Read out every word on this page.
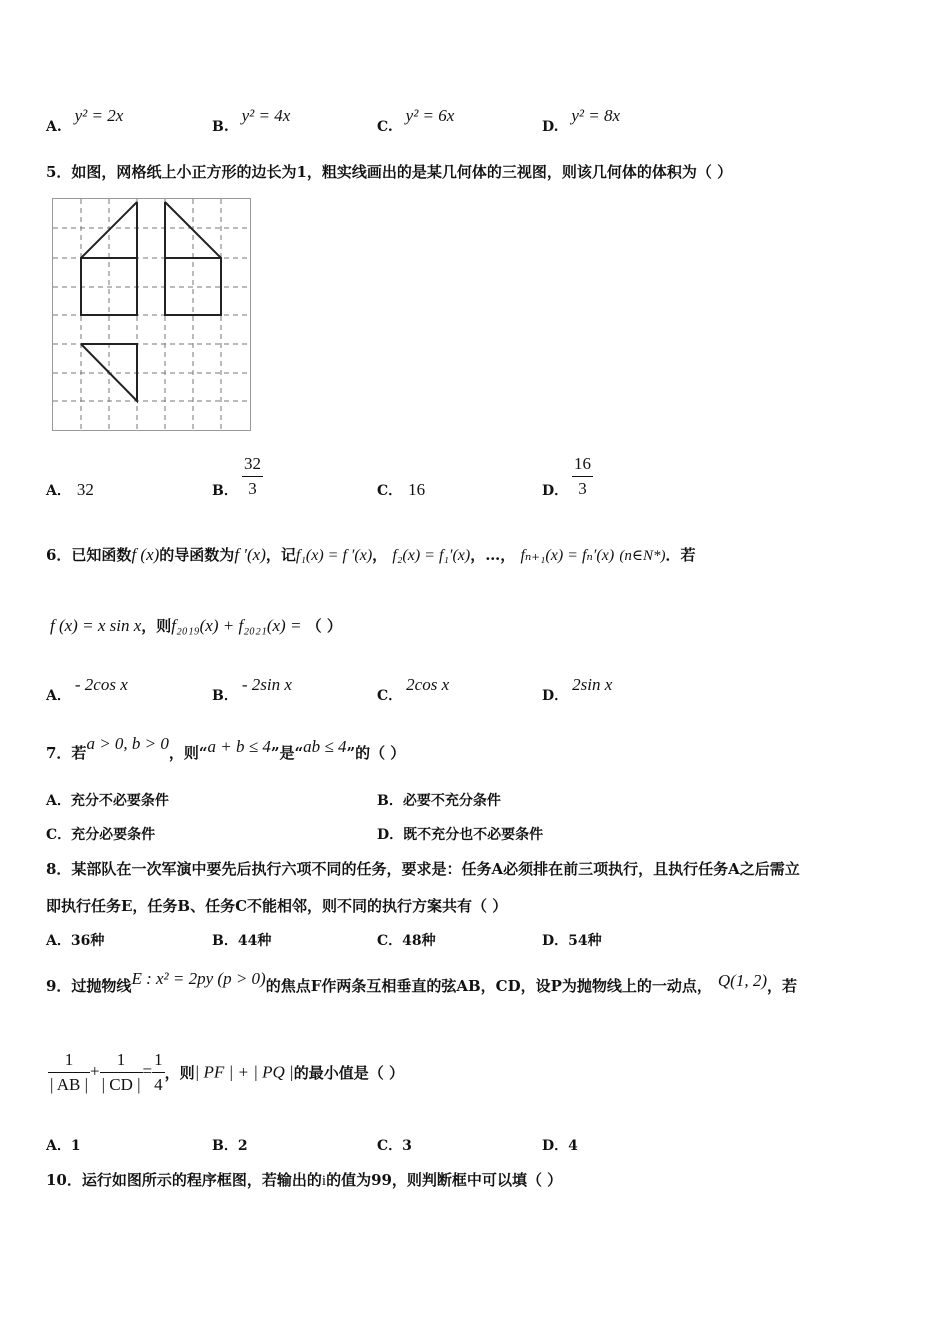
A. y² = 2x
B. y² = 4x
C. y² = 6x
D. y² = 8x
5．如图，网格纸上小正方形的边长为1，粗实线画出的是某几何体的三视图，则该几何体的体积为（ ）
A． 32	B． $\frac{32}{3}$	C． 16	D． $\frac{16}{3}$
6．已知函数f (x)的导函数为f ′(x)，记f₁(x) = f ′(x)， f₂(x) = f₁′(x)，…， fₙ₊₁(x) = fₙ′(x) (n∈N*)．若
f (x) = x sin x，则f₂₀₁₉(x) + f₂₀₂₁(x) = （ ）
A．- 2cos x
B．- 2sin x
C．2cos x
D．2sin x
7．若a > 0, b > 0，则“a + b ≤ 4”是“ab ≤ 4”的（ ）
A．充分不必要条件	B．必要不充分条件
C．充分必要条件	D．既不充分也不必要条件
8．某部队在一次军演中要先后执行六项不同的任务，要求是：任务A必须排在前三项执行，且执行任务A之后需立
即执行任务E，任务B、任务C不能相邻，则不同的执行方案共有（ ）
A．36种	B．44种	C．48种	D．54种
9．过抛物线E : x² = 2py (p > 0)的焦点F作两条互相垂直的弦AB，CD，设P为抛物线上的一动点， Q(1, 2)，若
$\frac{1}{| AB |} + \frac{1}{| CD |} = \frac{1}{4}$ ，则| PF | + | PQ |的最小值是（ ）
A．1	B．2	C．3	D．4
10．运行如图所示的程序框图，若输出的i的值为99，则判断框中可以填（ ）
